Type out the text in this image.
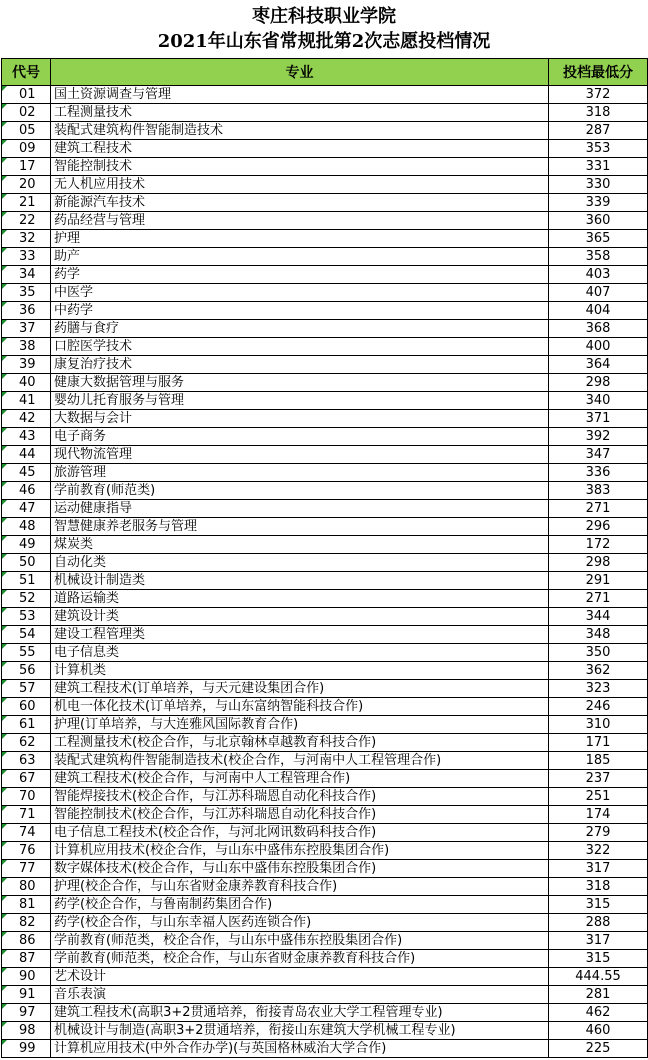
枣庄科技职业学院
2021年山东省常规批第2次志愿投档情况
代号	专业	投档最低分
01	国土资源调查与管理	372
02	工程测量技术	318
05	装配式建筑构件智能制造技术	287
09	建筑工程技术	353
17	智能控制技术	331
20	无人机应用技术	330
21	新能源汽车技术	339
22	药品经营与管理	360
32	护理	365
33	助产	358
34	药学	403
35	中医学	407
36	中药学	404
37	药膳与食疗	368
38	口腔医学技术	400
39	康复治疗技术	364
40	健康大数据管理与服务	298
41	婴幼儿托育服务与管理	340
42	大数据与会计	371
43	电子商务	392
44	现代物流管理	347
45	旅游管理	336
46	学前教育(师范类)	383
47	运动健康指导	271
48	智慧健康养老服务与管理	296
49	煤炭类	172
50	自动化类	298
51	机械设计制造类	291
52	道路运输类	271
53	建筑设计类	344
54	建设工程管理类	348
55	电子信息类	350
56	计算机类	362
57	建筑工程技术(订单培养，与天元建设集团合作)	323
60	机电一体化技术(订单培养，与山东富纳智能科技合作)	246
61	护理(订单培养，与大连雅风国际教育合作)	310
62	工程测量技术(校企合作，与北京翰林卓越教育科技合作)	171
63	装配式建筑构件智能制造技术(校企合作，与河南中人工程管理合作)	185
67	建筑工程技术(校企合作，与河南中人工程管理合作)	237
70	智能焊接技术(校企合作，与江苏科瑞恩自动化科技合作)	251
71	智能控制技术(校企合作，与江苏科瑞恩自动化科技合作)	174
74	电子信息工程技术(校企合作，与河北网讯数码科技合作)	279
76	计算机应用技术(校企合作，与山东中盛伟东控股集团合作)	322
77	数字媒体技术(校企合作，与山东中盛伟东控股集团合作)	317
80	护理(校企合作，与山东省财金康养教育科技合作)	318
81	药学(校企合作，与鲁南制药集团合作)	315
82	药学(校企合作，与山东幸福人医药连锁合作)	288
86	学前教育(师范类，校企合作，与山东中盛伟东控股集团合作)	317
87	学前教育(师范类，校企合作，与山东省财金康养教育科技合作)	315
90	艺术设计	444.55
91	音乐表演	281
97	建筑工程技术(高职3+2贯通培养，衔接青岛农业大学工程管理专业)	462
98	机械设计与制造(高职3+2贯通培养，衔接山东建筑大学机械工程专业)	460
99	计算机应用技术(中外合作办学)(与英国格林威治大学合作)	225
